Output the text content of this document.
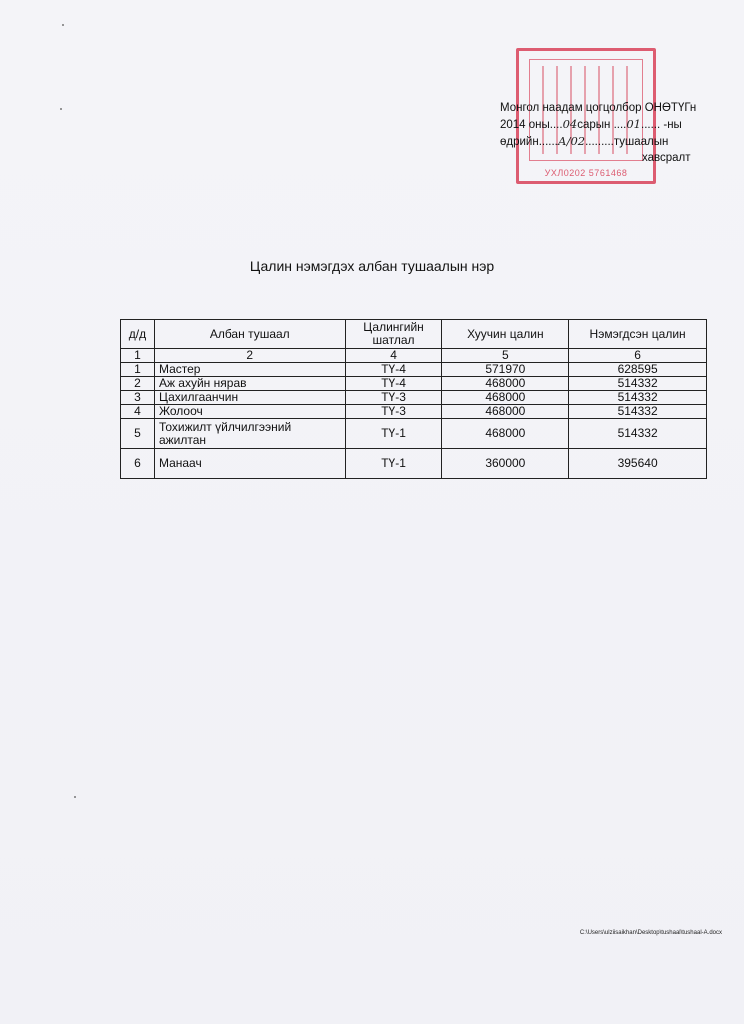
УХЛ0202 5761468
Монгол наадам цогцолбор ОНӨТҮГн
2014 оны....04сарын ....01...... -ны
өдрийн......А/02.........тушаалын
хавсралт
Цалин нэмэгдэх албан тушаалын нэр
д/д	Албан тушаал	Цалингийн шатлал	Хуучин цалин	Нэмэгдсэн цалин
1	2	4	5	6
1	Мастер	ТҮ-4	571970	628595
2	Аж ахуйн нярав	ТҮ-4	468000	514332
3	Цахилгаанчин	ТҮ-3	468000	514332
4	Жолооч	ТҮ-3	468000	514332
5	Тохижилт үйлчилгээний ажилтан	ТҮ-1	468000	514332
6	Манаач	ТҮ-1	360000	395640
C:\Users\ulziisaikhan\Desktop\tushaal\tushaal-A.docx
